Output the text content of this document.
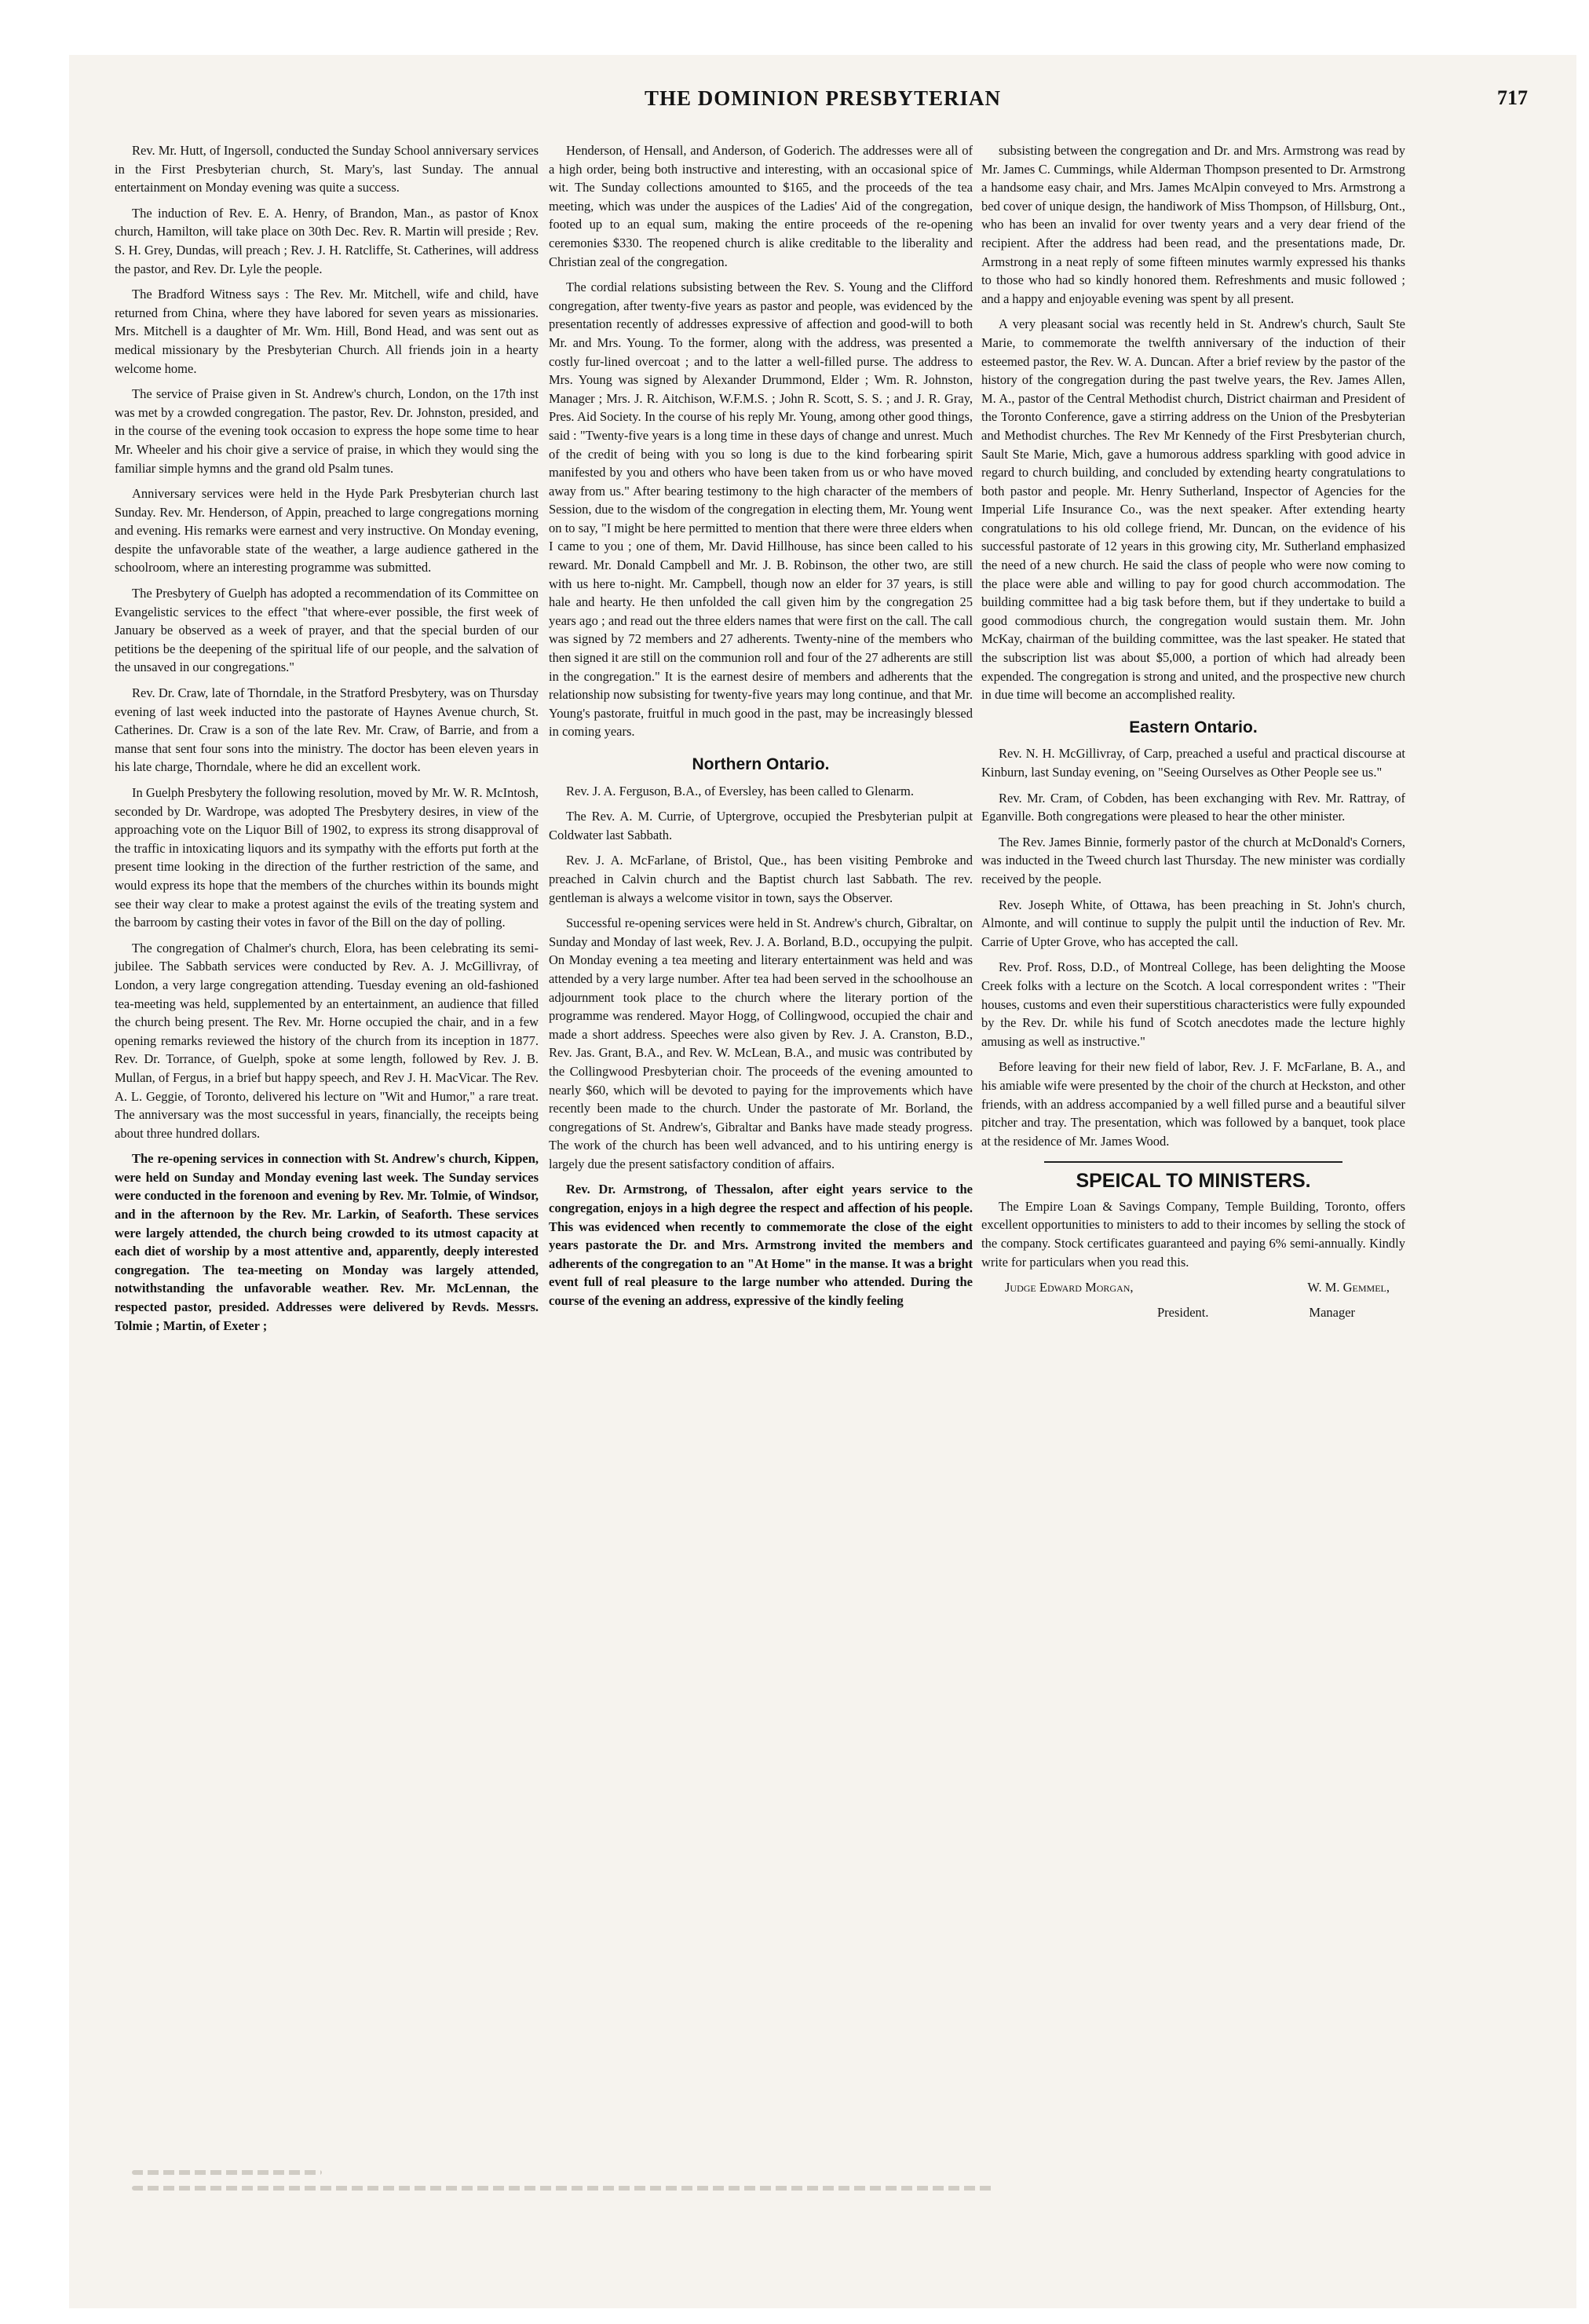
THE DOMINION PRESBYTERIAN	717

Rev. Mr. Hutt, of Ingersoll, conducted the Sunday School anniversary services in the First Presbyterian church, St. Mary's, last Sunday. The annual entertainment on Monday evening was quite a success.

The induction of Rev. E. A. Henry, of Brandon, Man., as pastor of Knox church, Hamilton, will take place on 30th Dec. Rev. R. Martin will preside ; Rev. S. H. Grey, Dundas, will preach ; Rev. J. H. Ratcliffe, St. Catherines, will address the pastor, and Rev. Dr. Lyle the people.

The Bradford Witness says : The Rev. Mr. Mitchell, wife and child, have returned from China, where they have labored for seven years as missionaries. Mrs. Mitchell is a daughter of Mr. Wm. Hill, Bond Head, and was sent out as medical missionary by the Presbyterian Church. All friends join in a hearty welcome home.

The service of Praise given in St. Andrew's church, London, on the 17th inst was met by a crowded congregation. The pastor, Rev. Dr. Johnston, presided, and in the course of the evening took occasion to express the hope some time to hear Mr. Wheeler and his choir give a service of praise, in which they would sing the familiar simple hymns and the grand old Psalm tunes.

Anniversary services were held in the Hyde Park Presbyterian church last Sunday. Rev. Mr. Henderson, of Appin, preached to large congregations morning and evening. His remarks were earnest and very instructive. On Monday evening, despite the unfavorable state of the weather, a large audience gathered in the schoolroom, where an interesting programme was submitted.

The Presbytery of Guelph has adopted a recommendation of its Committee on Evangelistic services to the effect "that where-ever possible, the first week of January be observed as a week of prayer, and that the special burden of our petitions be the deepening of the spiritual life of our people, and the salvation of the unsaved in our congregations."

Rev. Dr. Craw, late of Thorndale, in the Stratford Presbytery, was on Thursday evening of last week inducted into the pastorate of Haynes Avenue church, St. Catherines. Dr. Craw is a son of the late Rev. Mr. Craw, of Barrie, and from a manse that sent four sons into the ministry. The doctor has been eleven years in his late charge, Thorndale, where he did an excellent work.

In Guelph Presbytery the following resolution, moved by Mr. W. R. McIntosh, seconded by Dr. Wardrope, was adopted The Presbytery desires, in view of the approaching vote on the Liquor Bill of 1902, to express its strong disapproval of the traffic in intoxicating liquors and its sympathy with the efforts put forth at the present time looking in the direction of the further restriction of the same, and would express its hope that the members of the churches within its bounds might see their way clear to make a protest against the evils of the treating system and the barroom by casting their votes in favor of the Bill on the day of polling.

The congregation of Chalmer's church, Elora, has been celebrating its semi-jubilee. The Sabbath services were conducted by Rev. A. J. McGillivray, of London, a very large congregation attending. Tuesday evening an old-fashioned tea-meeting was held, supplemented by an entertainment, an audience that filled the church being present. The Rev. Mr. Horne occupied the chair, and in a few opening remarks reviewed the history of the church from its inception in 1877. Rev. Dr. Torrance, of Guelph, spoke at some length, followed by Rev. J. B. Mullan, of Fergus, in a brief but happy speech, and Rev J. H. MacVicar. The Rev. A. L. Geggie, of Toronto, delivered his lecture on "Wit and Humor," a rare treat. The anniversary was the most successful in years, financially, the receipts being about three hundred dollars.

The re-opening services in connection with St. Andrew's church, Kippen, were held on Sunday and Monday evening last week. The Sunday services were conducted in the forenoon and evening by Rev. Mr. Tolmie, of Windsor, and in the afternoon by the Rev. Mr. Larkin, of Seaforth. These services were largely attended, the church being crowded to its utmost capacity at each diet of worship by a most attentive and, apparently, deeply interested congregation. The tea-meeting on Monday was largely attended, notwithstanding the unfavorable weather. Rev. Mr. McLennan, the respected pastor, presided. Addresses were delivered by Revds. Messrs. Tolmie ; Martin, of Exeter ;

Henderson, of Hensall, and Anderson, of Goderich. The addresses were all of a high order, being both instructive and interesting, with an occasional spice of wit. The Sunday collections amounted to $165, and the proceeds of the tea meeting, which was under the auspices of the Ladies' Aid of the congregation, footed up to an equal sum, making the entire proceeds of the re-opening ceremonies $330. The reopened church is alike creditable to the liberality and Christian zeal of the congregation.

The cordial relations subsisting between the Rev. S. Young and the Clifford congregation, after twenty-five years as pastor and people, was evidenced by the presentation recently of addresses expressive of affection and good-will to both Mr. and Mrs. Young. To the former, along with the address, was presented a costly fur-lined overcoat ; and to the latter a well-filled purse. The address to Mrs. Young was signed by Alexander Drummond, Elder ; Wm. R. Johnston, Manager ; Mrs. J. R. Aitchison, W.F.M.S. ; John R. Scott, S. S. ; and J. R. Gray, Pres. Aid Society. In the course of his reply Mr. Young, among other good things, said : "Twenty-five years is a long time in these days of change and unrest. Much of the credit of being with you so long is due to the kind forbearing spirit manifested by you and others who have been taken from us or who have moved away from us." After bearing testimony to the high character of the members of Session, due to the wisdom of the congregation in electing them, Mr. Young went on to say, "I might be here permitted to mention that there were three elders when I came to you ; one of them, Mr. David Hillhouse, has since been called to his reward. Mr. Donald Campbell and Mr. J. B. Robinson, the other two, are still with us here to-night. Mr. Campbell, though now an elder for 37 years, is still hale and hearty. He then unfolded the call given him by the congregation 25 years ago ; and read out the three elders names that were first on the call. The call was signed by 72 members and 27 adherents. Twenty-nine of the members who then signed it are still on the communion roll and four of the 27 adherents are still in the congregation." It is the earnest desire of members and adherents that the relationship now subsisting for twenty-five years may long continue, and that Mr. Young's pastorate, fruitful in much good in the past, may be increasingly blessed in coming years.

Northern Ontario.

Rev. J. A. Ferguson, B.A., of Eversley, has been called to Glenarm.

The Rev. A. M. Currie, of Uptergrove, occupied the Presbyterian pulpit at Coldwater last Sabbath.

Rev. J. A. McFarlane, of Bristol, Que., has been visiting Pembroke and preached in Calvin church and the Baptist church last Sabbath. The rev. gentleman is always a welcome visitor in town, says the Observer.

Successful re-opening services were held in St. Andrew's church, Gibraltar, on Sunday and Monday of last week, Rev. J. A. Borland, B.D., occupying the pulpit. On Monday evening a tea meeting and literary entertainment was held and was attended by a very large number. After tea had been served in the schoolhouse an adjournment took place to the church where the literary portion of the programme was rendered. Mayor Hogg, of Collingwood, occupied the chair and made a short address. Speeches were also given by Rev. J. A. Cranston, B.D., Rev. Jas. Grant, B.A., and Rev. W. McLean, B.A., and music was contributed by the Collingwood Presbyterian choir. The proceeds of the evening amounted to nearly $60, which will be devoted to paying for the improvements which have recently been made to the church. Under the pastorate of Mr. Borland, the congregations of St. Andrew's, Gibraltar and Banks have made steady progress. The work of the church has been well advanced, and to his untiring energy is largely due the present satisfactory condition of affairs.

Rev. Dr. Armstrong, of Thessalon, after eight years service to the congregation, enjoys in a high degree the respect and affection of his people. This was evidenced when recently to commemorate the close of the eight years pastorate the Dr. and Mrs. Armstrong invited the members and adherents of the congregation to an "At Home" in the manse. It was a bright event full of real pleasure to the large number who attended. During the course of the evening an address, expressive of the kindly feeling

subsisting between the congregation and Dr. and Mrs. Armstrong was read by Mr. James C. Cummings, while Alderman Thompson presented to Dr. Armstrong a handsome easy chair, and Mrs. James McAlpin conveyed to Mrs. Armstrong a bed cover of unique design, the handiwork of Miss Thompson, of Hillsburg, Ont., who has been an invalid for over twenty years and a very dear friend of the recipient. After the address had been read, and the presentations made, Dr. Armstrong in a neat reply of some fifteen minutes warmly expressed his thanks to those who had so kindly honored them. Refreshments and music followed ; and a happy and enjoyable evening was spent by all present.

A very pleasant social was recently held in St. Andrew's church, Sault Ste Marie, to commemorate the twelfth anniversary of the induction of their esteemed pastor, the Rev. W. A. Duncan. After a brief review by the pastor of the history of the congregation during the past twelve years, the Rev. James Allen, M. A., pastor of the Central Methodist church, District chairman and President of the Toronto Conference, gave a stirring address on the Union of the Presbyterian and Methodist churches. The Rev Mr Kennedy of the First Presbyterian church, Sault Ste Marie, Mich, gave a humorous address sparkling with good advice in regard to church building, and concluded by extending hearty congratulations to both pastor and people. Mr. Henry Sutherland, Inspector of Agencies for the Imperial Life Insurance Co., was the next speaker. After extending hearty congratulations to his old college friend, Mr. Duncan, on the evidence of his successful pastorate of 12 years in this growing city, Mr. Sutherland emphasized the need of a new church. He said the class of people who were now coming to the place were able and willing to pay for good church accommodation. The building committee had a big task before them, but if they undertake to build a good commodious church, the congregation would sustain them. Mr. John McKay, chairman of the building committee, was the last speaker. He stated that the subscription list was about $5,000, a portion of which had already been expended. The congregation is strong and united, and the prospective new church in due time will become an accomplished reality.

Eastern Ontario.

Rev. N. H. McGillivray, of Carp, preached a useful and practical discourse at Kinburn, last Sunday evening, on "Seeing Ourselves as Other People see us."

Rev. Mr. Cram, of Cobden, has been exchanging with Rev. Mr. Rattray, of Eganville. Both congregations were pleased to hear the other minister.

The Rev. James Binnie, formerly pastor of the church at McDonald's Corners, was inducted in the Tweed church last Thursday. The new minister was cordially received by the people.

Rev. Joseph White, of Ottawa, has been preaching in St. John's church, Almonte, and will continue to supply the pulpit until the induction of Rev. Mr. Carrie of Upter Grove, who has accepted the call.

Rev. Prof. Ross, D.D., of Montreal College, has been delighting the Moose Creek folks with a lecture on the Scotch. A local correspondent writes : "Their houses, customs and even their superstitious characteristics were fully expounded by the Rev. Dr. while his fund of Scotch anecdotes made the lecture highly amusing as well as instructive."

Before leaving for their new field of labor, Rev. J. F. McFarlane, B. A., and his amiable wife were presented by the choir of the church at Heckston, and other friends, with an address accompanied by a well filled purse and a beautiful silver pitcher and tray. The presentation, which was followed by a banquet, took place at the residence of Mr. James Wood.

SPEICAL TO MINISTERS.

The Empire Loan & Savings Company, Temple Building, Toronto, offers excellent opportunities to ministers to add to their incomes by selling the stock of the company. Stock certificates guaranteed and paying 6% semi-annually. Kindly write for particulars when you read this.

Judge Edward Morgan,	W. M. Gemmel,
President.	Manager
